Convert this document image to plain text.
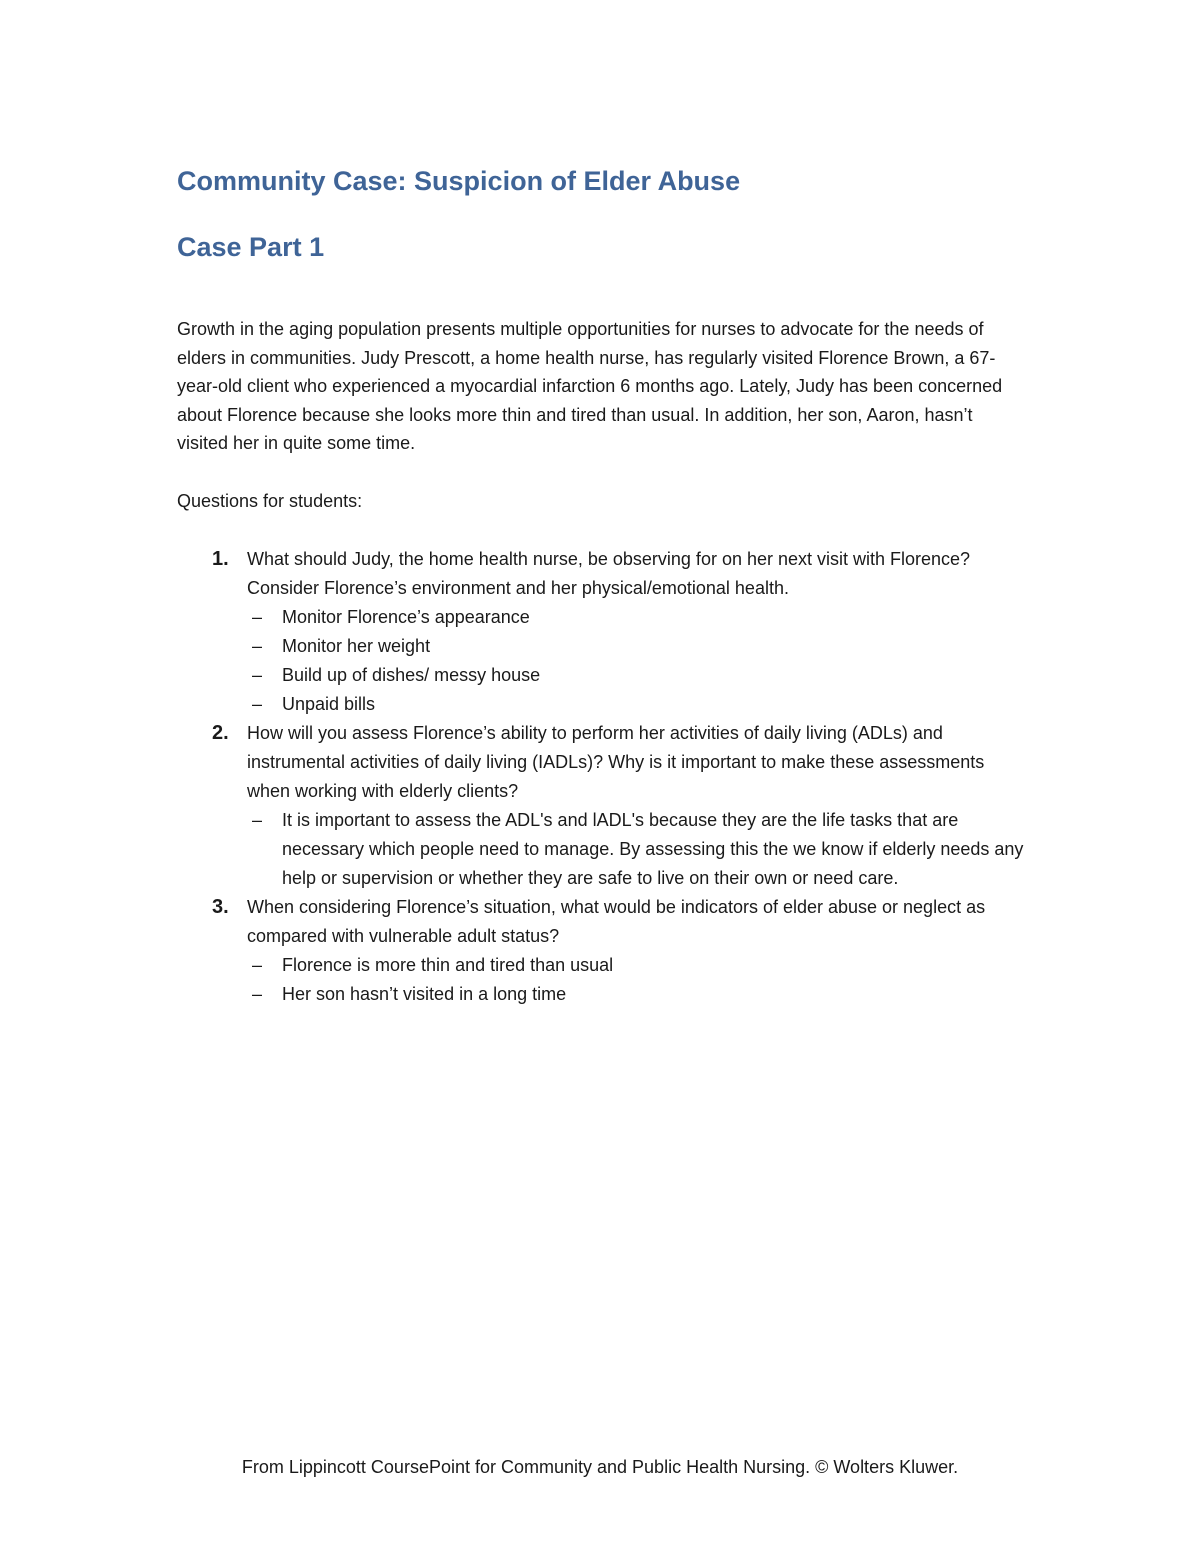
Community Case: Suspicion of Elder Abuse
Case Part 1

Growth in the aging population presents multiple opportunities for nurses to advocate for the needs of elders in communities. Judy Prescott, a home health nurse, has regularly visited Florence Brown, a 67-year-old client who experienced a myocardial infarction 6 months ago. Lately, Judy has been concerned about Florence because she looks more thin and tired than usual. In addition, her son, Aaron, hasn’t visited her in quite some time.

Questions for students:

1. What should Judy, the home health nurse, be observing for on her next visit with Florence? Consider Florence’s environment and her physical/emotional health.
– Monitor Florence’s appearance
– Monitor her weight
– Build up of dishes/ messy house
– Unpaid bills
2. How will you assess Florence’s ability to perform her activities of daily living (ADLs) and instrumental activities of daily living (IADLs)? Why is it important to make these assessments when working with elderly clients?
– It is important to assess the ADL's and lADL's because they are the life tasks that are necessary which people need to manage. By assessing this the we know if elderly needs any help or supervision or whether they are safe to live on their own or need care.
3. When considering Florence’s situation, what would be indicators of elder abuse or neglect as compared with vulnerable adult status?
– Florence is more thin and tired than usual
– Her son hasn’t visited in a long time

From Lippincott CoursePoint for Community and Public Health Nursing. © Wolters Kluwer.
